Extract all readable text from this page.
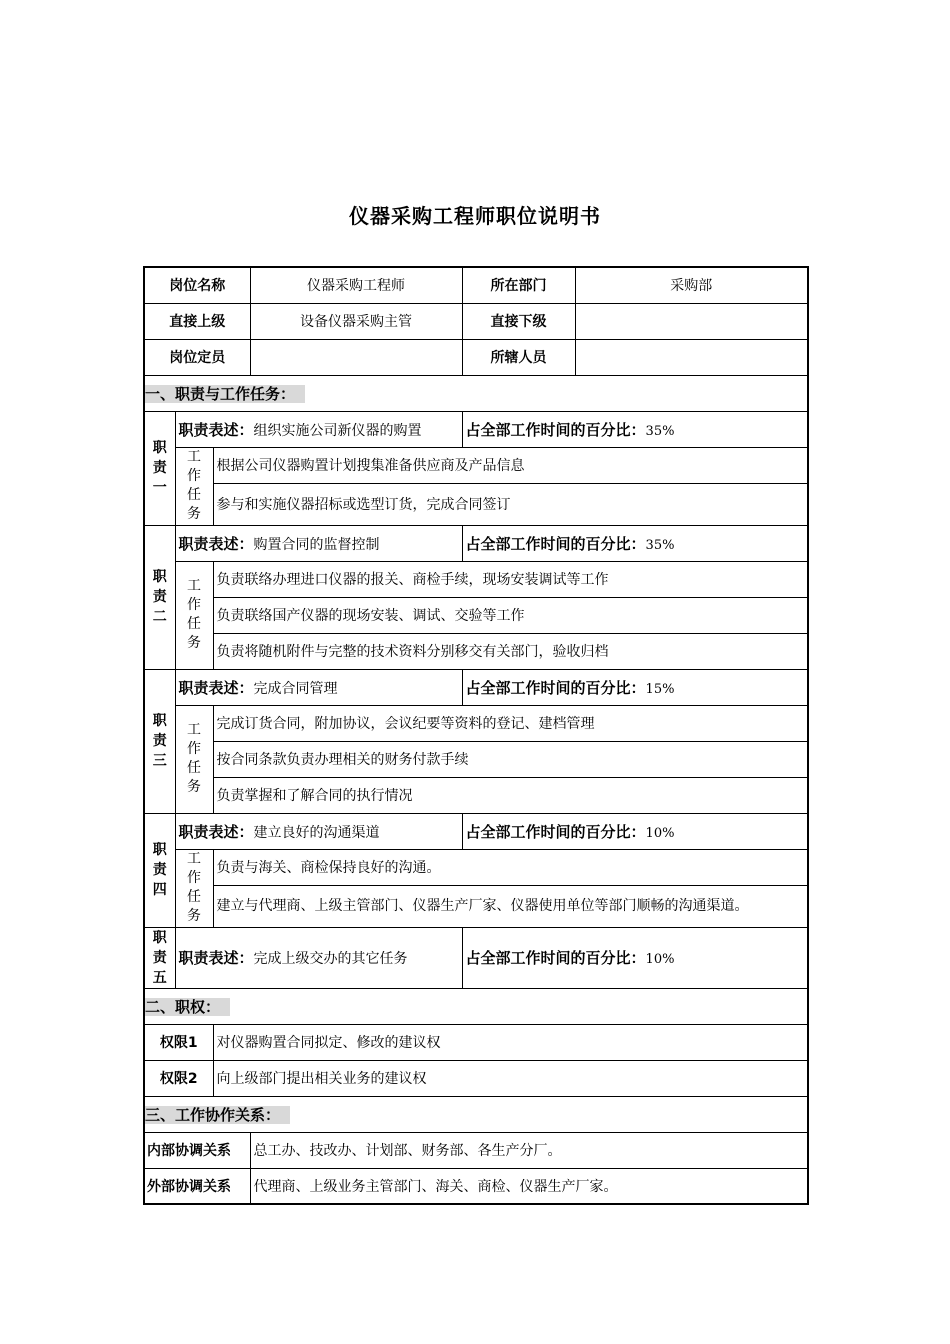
仪器采购工程师职位说明书
岗位名称			仪器采购工程师	所在部门	采购部
直接上级			设备仪器采购主管	直接下级	
岗位定员				所辖人员	
一、职责与工作任务：					
职
责
一	职责表述：组织实施公司新仪器的购置			占全部工作时间的百分比：35%	
	工
作
任
务	根据公司仪器购置计划搜集准备供应商及产品信息			
		参与和实施仪器招标或选型订货，完成合同签订			
职
责
二	职责表述：购置合同的监督控制			占全部工作时间的百分比：35%	
	工
作
任
务	负责联络办理进口仪器的报关、商检手续，现场安装调试等工作			
		负责联络国产仪器的现场安装、调试、交验等工作			
		负责将随机附件与完整的技术资料分别移交有关部门，验收归档			
职
责
三	职责表述：完成合同管理			占全部工作时间的百分比：15%	
	工
作
任
务	完成订货合同，附加协议，会议纪要等资料的登记、建档管理			
		按合同条款负责办理相关的财务付款手续			
		负责掌握和了解合同的执行情况			
职
责
四	职责表述：建立良好的沟通渠道			占全部工作时间的百分比：10%	
	工
作
任
务	负责与海关、商检保持良好的沟通。			
		建立与代理商、上级主管部门、仪器生产厂家、仪器使用单位等部门顺畅的沟通渠道。			
职
责
五	职责表述：完成上级交办的其它任务			占全部工作时间的百分比：10%	
二、职权：					
权限1		对仪器购置合同拟定、修改的建议权			
权限2		向上级部门提出相关业务的建议权			
三、工作协作关系：					
内部协调关系			总工办、技改办、计划部、财务部、各生产分厂。		
外部协调关系			代理商、上级业务主管部门、海关、商检、仪器生产厂家。		
